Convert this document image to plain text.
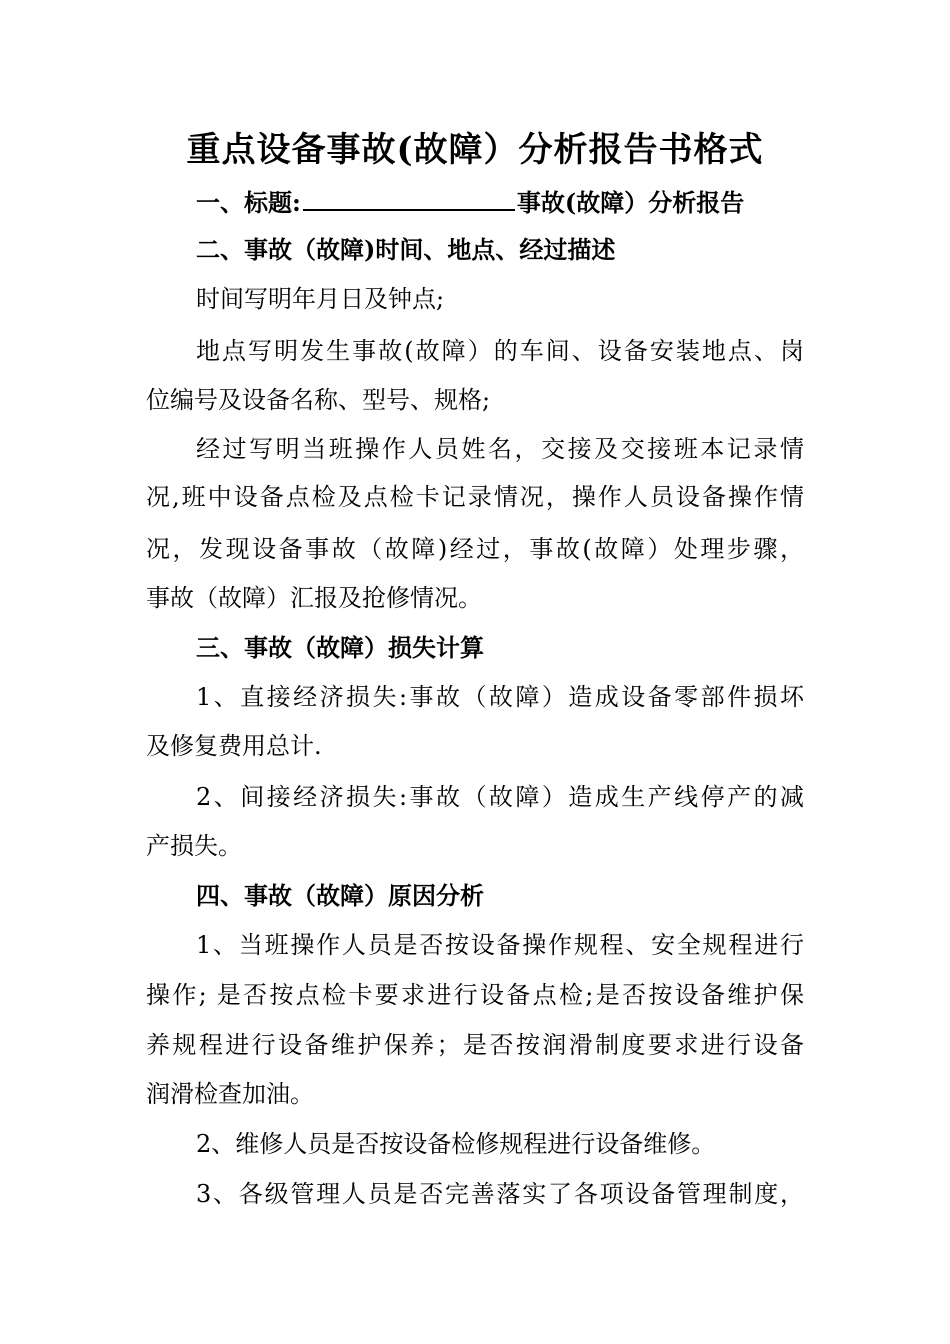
重点设备事故(故障）分析报告书格式
一、标题:	事故(故障）分析报告
二、事故（故障)时间、地点、经过描述
时间写明年月日及钟点;
地点写明发生事故(故障）的车间、设备安装地点、岗
位编号及设备名称、型号、规格;
经过写明当班操作人员姓名，交接及交接班本记录情
况,班中设备点检及点检卡记录情况，操作人员设备操作情
况，发现设备事故（故障)经过，事故(故障）处理步骤，
事故（故障）汇报及抢修情况。
三、事故（故障）损失计算
1、直接经济损失:事故（故障）造成设备零部件损坏
及修复费用总计.
2、间接经济损失:事故（故障）造成生产线停产的减
产损失。
四、事故（故障）原因分析
1、当班操作人员是否按设备操作规程、安全规程进行
操作; 是否按点检卡要求进行设备点检;是否按设备维护保
养规程进行设备维护保养；是否按润滑制度要求进行设备
润滑检查加油。
2、维修人员是否按设备检修规程进行设备维修。
3、各级管理人员是否完善落实了各项设备管理制度，
